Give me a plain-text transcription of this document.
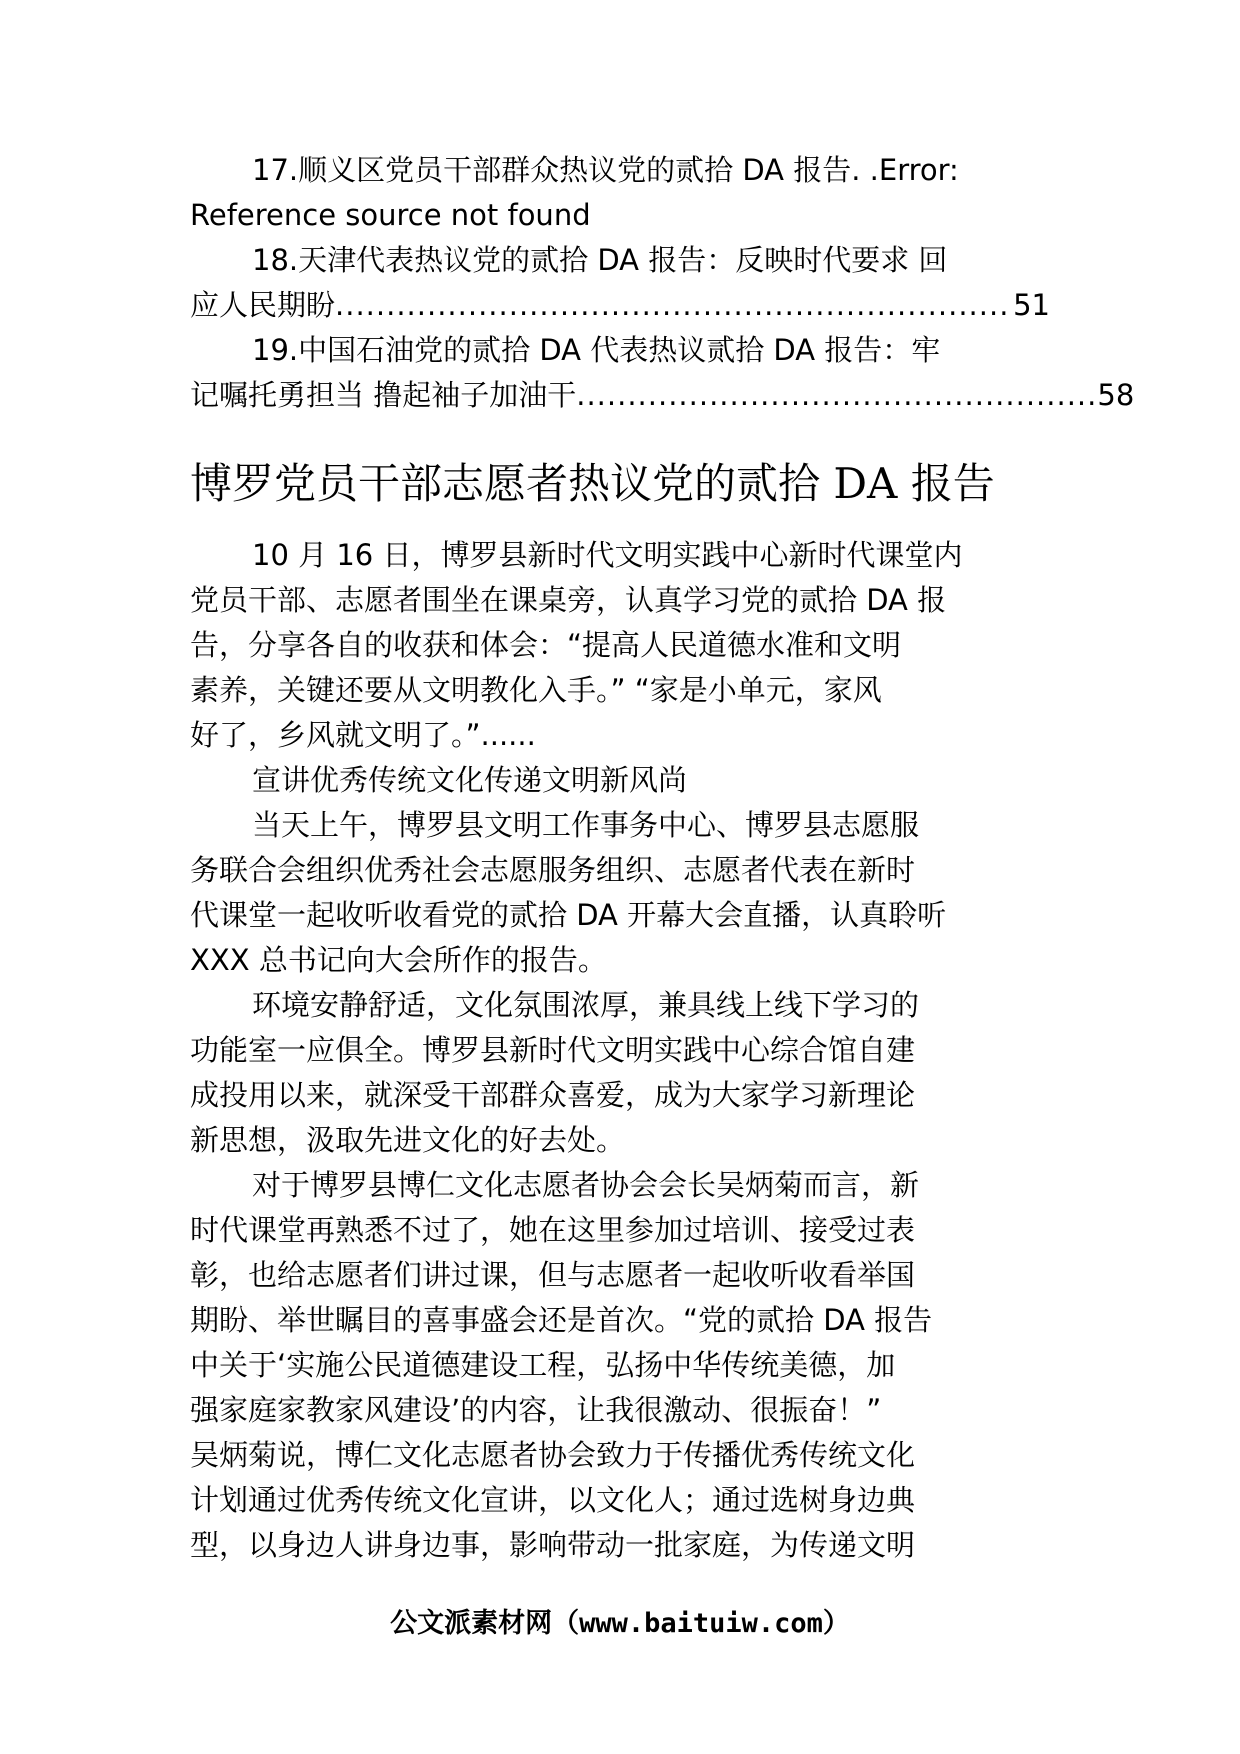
17.顺义区党员干部群众热议党的贰拾 DA 报告. .Error:
Reference source not found
18.天津代表热议党的贰拾 DA 报告：反映时代要求 回
应人民期盼 .................................................................. 51
19.中国石油党的贰拾 DA 代表热议贰拾 DA 报告：牢
记嘱托勇担当 撸起袖子加油干 ................................................... 58
博罗党员干部志愿者热议党的贰拾 DA 报告
10 月 16 日，博罗县新时代文明实践中心新时代课堂内
党员干部、志愿者围坐在课桌旁，认真学习党的贰拾 DA 报
告，分享各自的收获和体会：“提高人民道德水准和文明
素养，关键还要从文明教化入手。” “家是小单元，家风
好了，乡风就文明了。”......
宣讲优秀传统文化传递文明新风尚
当天上午，博罗县文明工作事务中心、博罗县志愿服
务联合会组织优秀社会志愿服务组织、志愿者代表在新时
代课堂一起收听收看党的贰拾 DA 开幕大会直播，认真聆听
XXX 总书记向大会所作的报告。
环境安静舒适，文化氛围浓厚，兼具线上线下学习的
功能室一应俱全。博罗县新时代文明实践中心综合馆自建
成投用以来，就深受干部群众喜爱，成为大家学习新理论
新思想，汲取先进文化的好去处。
对于博罗县博仁文化志愿者协会会长吴炳菊而言，新
时代课堂再熟悉不过了，她在这里参加过培训、接受过表
彰，也给志愿者们讲过课，但与志愿者一起收听收看举国
期盼、举世瞩目的喜事盛会还是首次。“党的贰拾 DA 报告
中关于‘实施公民道德建设工程，弘扬中华传统美德，加
强家庭家教家风建设’的内容，让我很激动、很振奋！”
吴炳菊说，博仁文化志愿者协会致力于传播优秀传统文化
计划通过优秀传统文化宣讲，以文化人；通过选树身边典
型，以身边人讲身边事，影响带动一批家庭，为传递文明
公文派素材网（www.baituiw.com）
